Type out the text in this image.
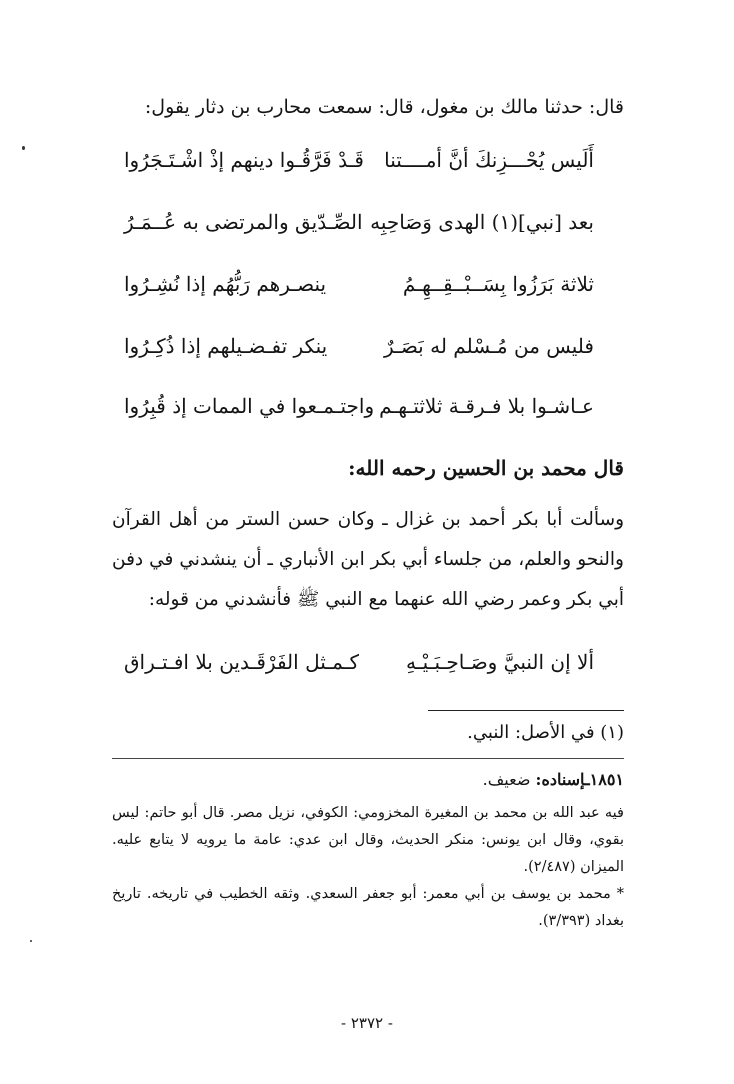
قال: حدثنا مالك بن مغول، قال: سمعت محارب بن دثار يقول:
أَلَيس يُحْـــزِنكَ أنَّ أمــــتنا
قَـدْ فَرَّقُـوا دينهم إذْ اشْـتَـجَرُوا
بعد [نبي](١) الهدى وَصَاحِبِه
الصِّـدّيق والمرتضى به عُــمَـرُ
ثلاثة بَرَزُوا بِسَــبْــقِــهِـمُ
ينصـرهم رَبُّهُم إذا نُشِـرُوا
فليس من مُـسْلم له بَصَـرٌ
ينكر تفـضـيلهم إذا ذُكِـرُوا
عـاشـوا بلا فـرقـة ثلاثتـهـم
واجتـمـعوا في الممات إذ قُبِرُوا
قال محمد بن الحسين رحمه الله:
وسألت أبا بكر أحمد بن غزال ـ وكان حسن الستر من أهل القرآن والنحو والعلم، من جلساء أبي بكر ابن الأنباري ـ أن ينشدني في دفن أبي بكر وعمر رضي الله عنهما مع النبي ﷺ فأنشدني من قوله:
ألا إن النبيَّ وصَـاحِـبَـيْـهِ
كـمـثل الفَرْقَـدين بلا افـتـراق
(١) في الأصل: النبي.
١٨٥١ـإسناده: ضعيف.

فيه عبد الله بن محمد بن المغيرة المخزومي: الكوفي، نزيل مصر. قال أبو حاتم: ليس بقوي، وقال ابن يونس: منكر الحديث، وقال ابن عدي: عامة ما يرويه لا يتابع عليه. الميزان (٢/٤٨٧).

* محمد بن يوسف بن أبي معمر: أبو جعفر السعدي. وثقه الخطيب في تاريخه. تاريخ بغداد (٣/٣٩٣).

- ٢٣٧٢ -
